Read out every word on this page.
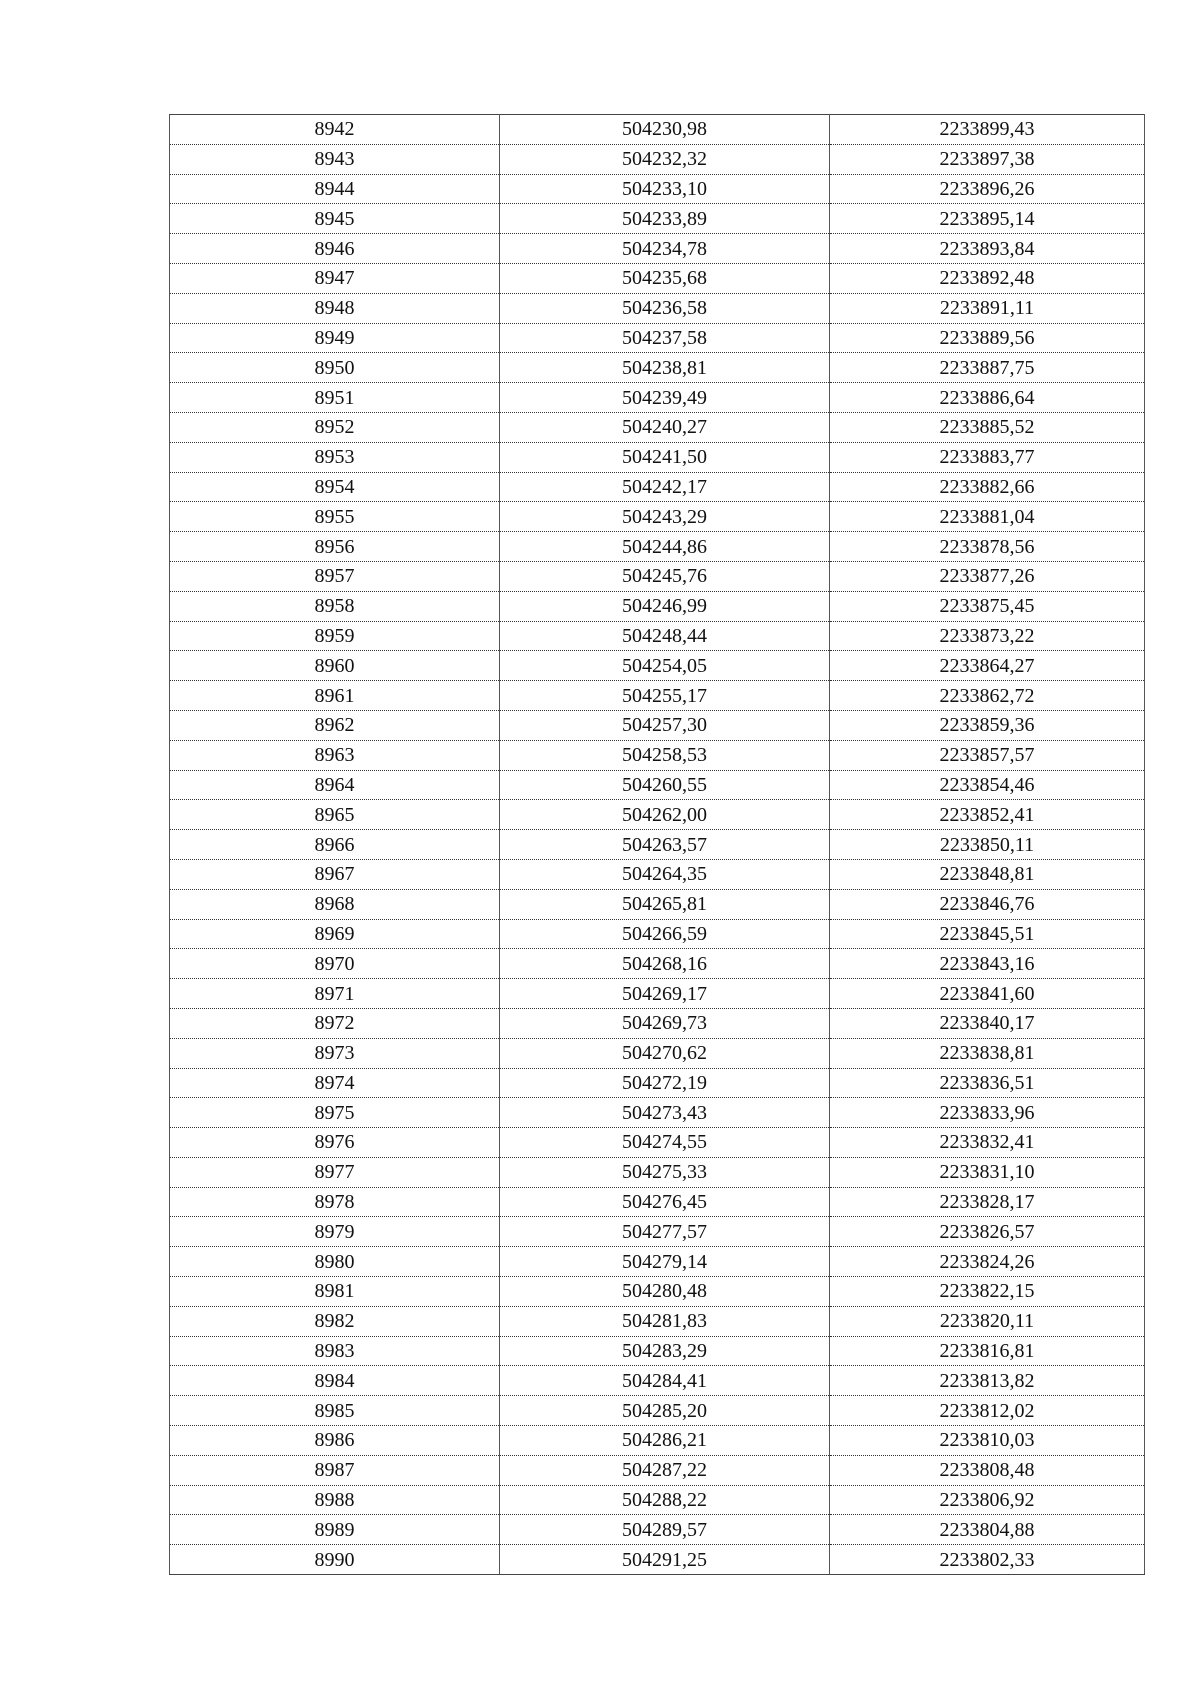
8942	504230,98	2233899,43
8943	504232,32	2233897,38
8944	504233,10	2233896,26
8945	504233,89	2233895,14
8946	504234,78	2233893,84
8947	504235,68	2233892,48
8948	504236,58	2233891,11
8949	504237,58	2233889,56
8950	504238,81	2233887,75
8951	504239,49	2233886,64
8952	504240,27	2233885,52
8953	504241,50	2233883,77
8954	504242,17	2233882,66
8955	504243,29	2233881,04
8956	504244,86	2233878,56
8957	504245,76	2233877,26
8958	504246,99	2233875,45
8959	504248,44	2233873,22
8960	504254,05	2233864,27
8961	504255,17	2233862,72
8962	504257,30	2233859,36
8963	504258,53	2233857,57
8964	504260,55	2233854,46
8965	504262,00	2233852,41
8966	504263,57	2233850,11
8967	504264,35	2233848,81
8968	504265,81	2233846,76
8969	504266,59	2233845,51
8970	504268,16	2233843,16
8971	504269,17	2233841,60
8972	504269,73	2233840,17
8973	504270,62	2233838,81
8974	504272,19	2233836,51
8975	504273,43	2233833,96
8976	504274,55	2233832,41
8977	504275,33	2233831,10
8978	504276,45	2233828,17
8979	504277,57	2233826,57
8980	504279,14	2233824,26
8981	504280,48	2233822,15
8982	504281,83	2233820,11
8983	504283,29	2233816,81
8984	504284,41	2233813,82
8985	504285,20	2233812,02
8986	504286,21	2233810,03
8987	504287,22	2233808,48
8988	504288,22	2233806,92
8989	504289,57	2233804,88
8990	504291,25	2233802,33
